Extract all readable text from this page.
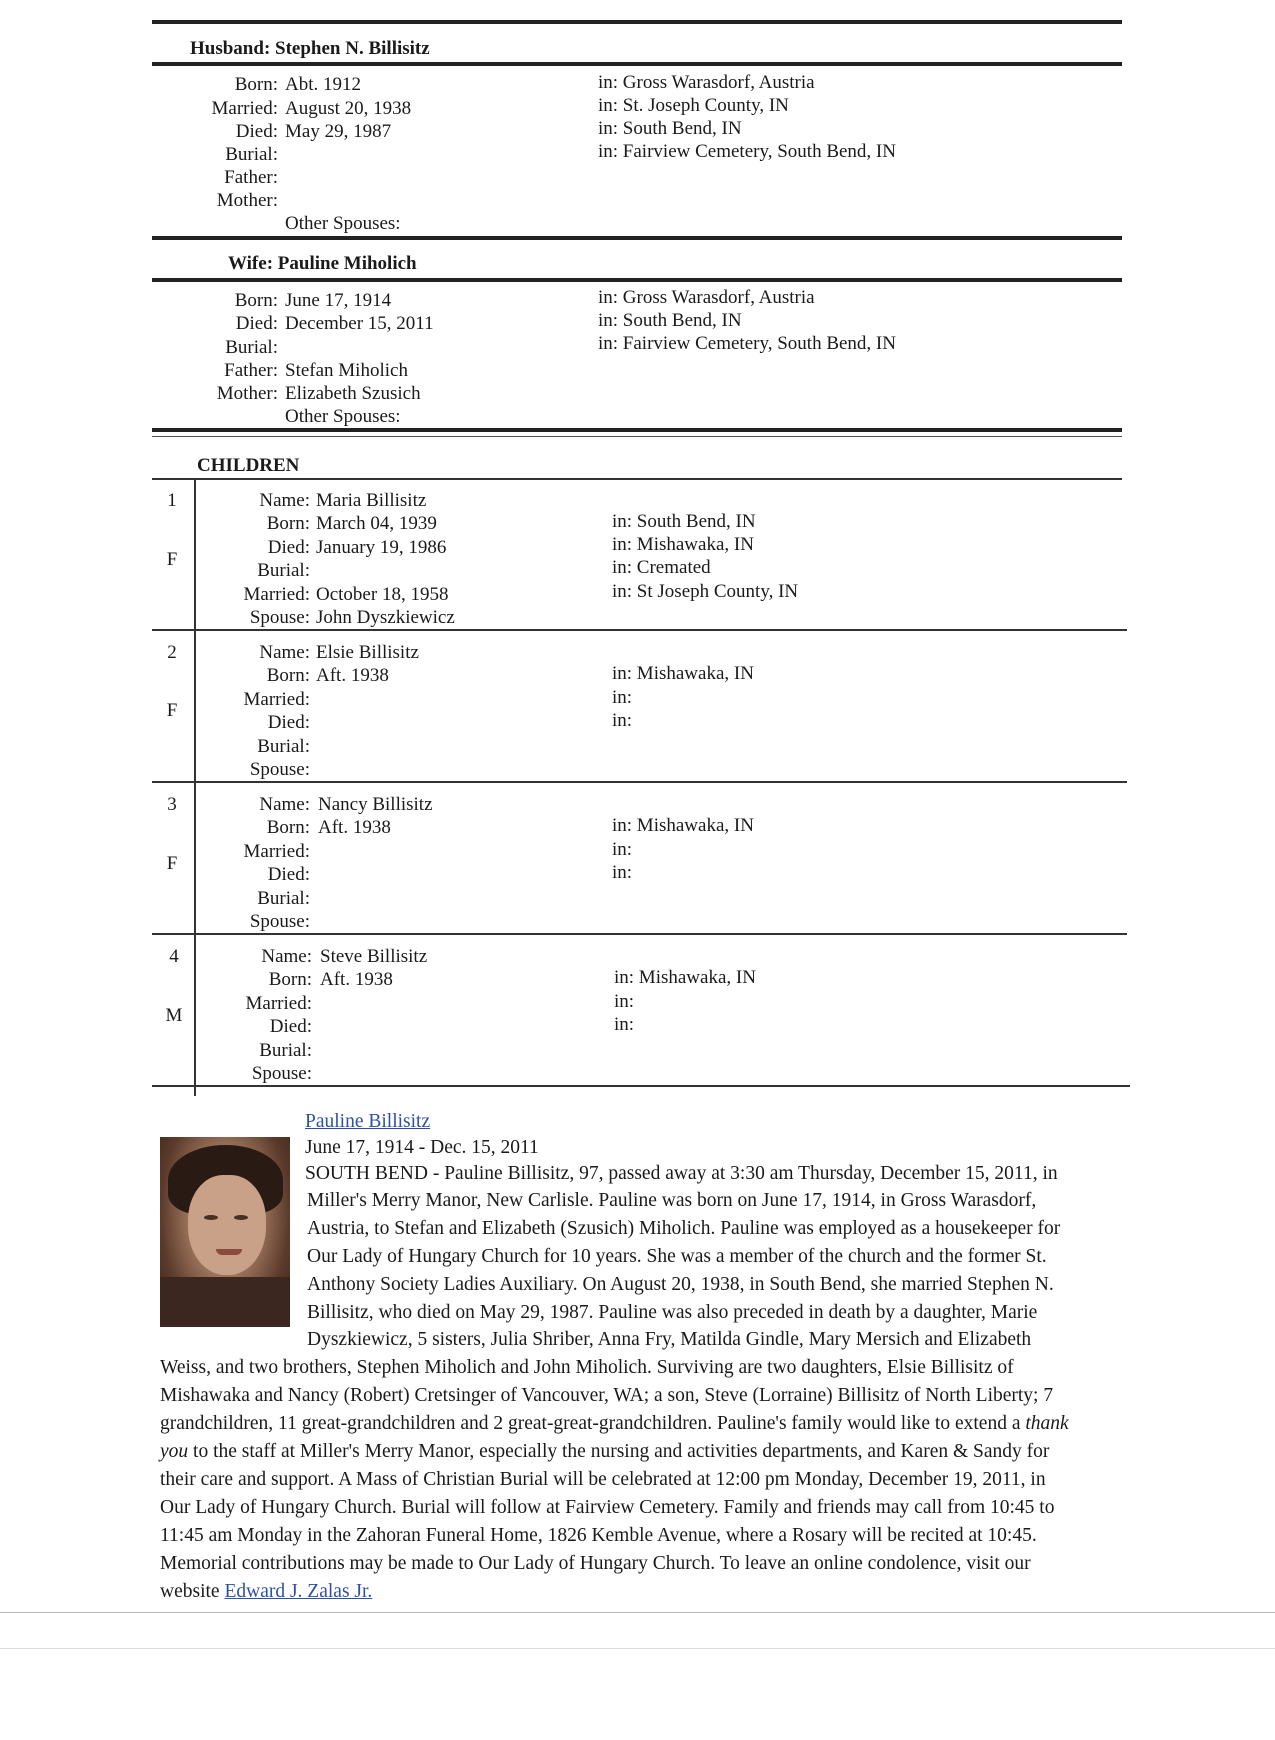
Husband: Stephen N. Billisitz
Born: Abt. 1912	in: Gross Warasdorf, Austria
Married: August 20, 1938	in: St. Joseph County, IN
Died: May 29, 1987	in: South Bend, IN
Burial:	in: Fairview Cemetery, South Bend, IN
Father:
Mother:
Other Spouses:
Wife: Pauline Miholich
Born: June 17, 1914	in: Gross Warasdorf, Austria
Died: December 15, 2011	in: South Bend, IN
Burial:	in: Fairview Cemetery, South Bend, IN
Father: Stefan Miholich
Mother: Elizabeth Szusich
Other Spouses:
CHILDREN
1
F
Name: Maria Billisitz
Born: March 04, 1939	in: South Bend, IN
Died: January 19, 1986	in: Mishawaka, IN
Burial:	in: Cremated
Married: October 18, 1958	in: St Joseph County, IN
Spouse: John Dyszkiewicz
2
F
Name: Elsie Billisitz
Born: Aft. 1938	in: Mishawaka, IN
Married:	in:
Died:	in:
Burial:
Spouse:
3
F
Name: Nancy Billisitz
Born: Aft. 1938	in: Mishawaka, IN
Married:	in:
Died:	in:
Burial:
Spouse:
4
M
Name: Steve Billisitz
Born: Aft. 1938	in: Mishawaka, IN
Married:	in:
Died:	in:
Burial:
Spouse:
Pauline Billisitz
June 17, 1914 - Dec. 15, 2011
SOUTH BEND - Pauline Billisitz, 97, passed away at 3:30 am Thursday, December 15, 2011, in
Miller's Merry Manor, New Carlisle. Pauline was born on June 17, 1914, in Gross Warasdorf,
Austria, to Stefan and Elizabeth (Szusich) Miholich. Pauline was employed as a housekeeper for
Our Lady of Hungary Church for 10 years. She was a member of the church and the former St.
Anthony Society Ladies Auxiliary. On August 20, 1938, in South Bend, she married Stephen N.
Billisitz, who died on May 29, 1987. Pauline was also preceded in death by a daughter, Marie
Dyszkiewicz, 5 sisters, Julia Shriber, Anna Fry, Matilda Gindle, Mary Mersich and Elizabeth
Weiss, and two brothers, Stephen Miholich and John Miholich. Surviving are two daughters, Elsie Billisitz of
Mishawaka and Nancy (Robert) Cretsinger of Vancouver, WA; a son, Steve (Lorraine) Billisitz of North Liberty; 7
grandchildren, 11 great-grandchildren and 2 great-great-grandchildren. Pauline's family would like to extend a thank
you to the staff at Miller's Merry Manor, especially the nursing and activities departments, and Karen & Sandy for
their care and support. A Mass of Christian Burial will be celebrated at 12:00 pm Monday, December 19, 2011, in
Our Lady of Hungary Church. Burial will follow at Fairview Cemetery. Family and friends may call from 10:45 to
11:45 am Monday in the Zahoran Funeral Home, 1826 Kemble Avenue, where a Rosary will be recited at 10:45.
Memorial contributions may be made to Our Lady of Hungary Church. To leave an online condolence, visit our
website Edward J. Zalas Jr.
